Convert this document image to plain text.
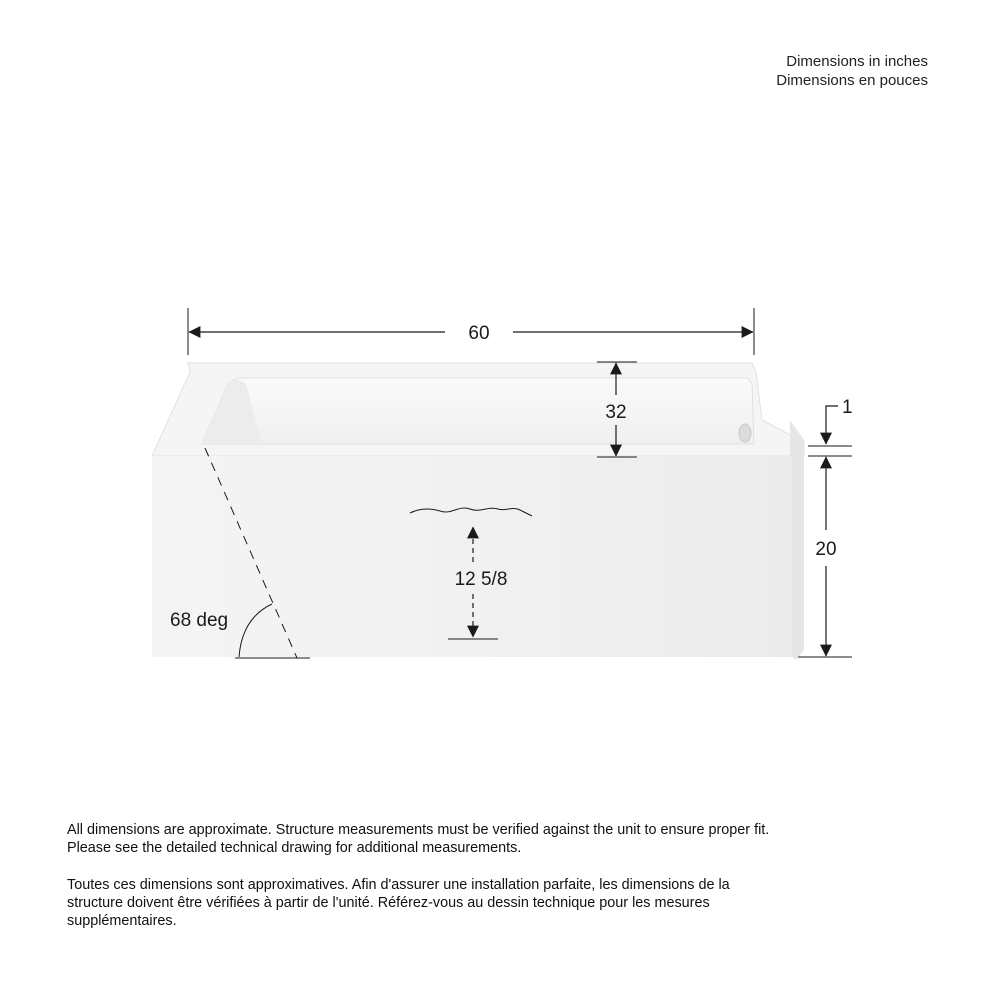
Dimensions in inches
Dimensions en pouces
60
32	1
20
12 5/8
68 deg
All dimensions are approximate. Structure measurements must be verified against the unit to ensure proper fit. Please see the detailed technical drawing for additional measurements.
Toutes ces dimensions sont approximatives. Afin d'assurer une installation parfaite, les dimensions de la structure doivent être vérifiées à partir de l'unité. Référez-vous au dessin technique pour les mesures supplémentaires.
